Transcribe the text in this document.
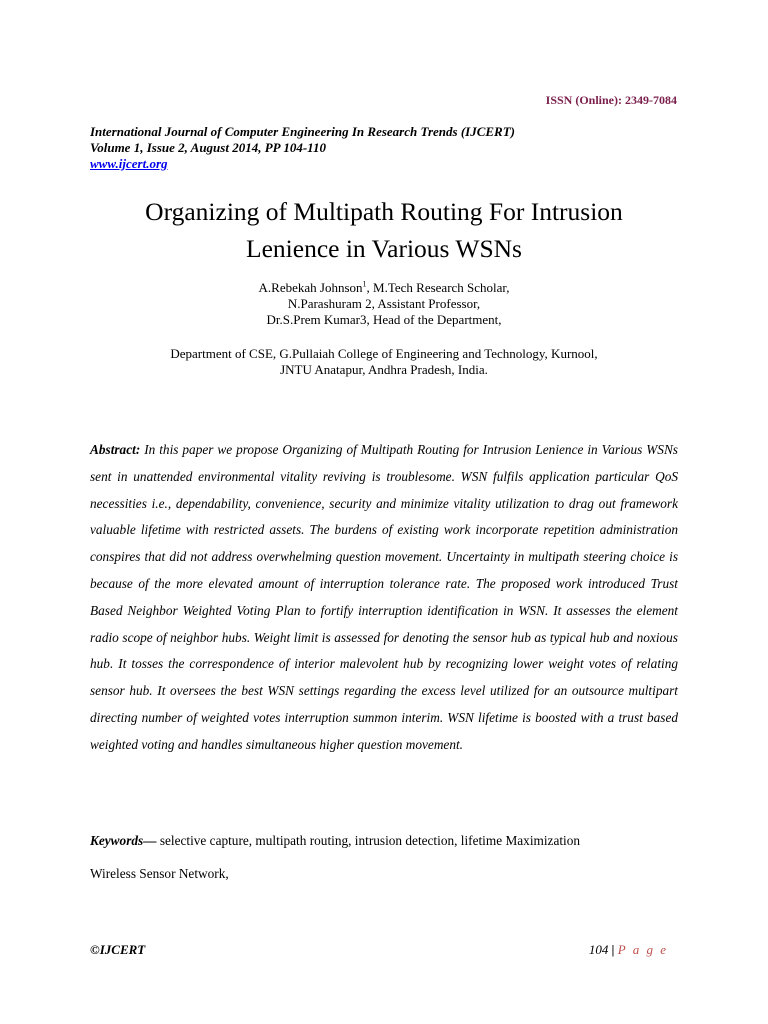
ISSN (Online): 2349-7084
International Journal of Computer Engineering In Research Trends (IJCERT)
Volume 1, Issue 2, August 2014, PP 104-110
www.ijcert.org
Organizing of Multipath Routing For Intrusion
Lenience in Various WSNs
A.Rebekah Johnson$^1$, M.Tech Research Scholar,
N.Parashuram 2, Assistant Professor,
Dr.S.Prem Kumar3, Head of the Department,
Department of CSE, G.Pullaiah College of Engineering and Technology, Kurnool,
JNTU Anatapur, Andhra Pradesh, India.
Abstract: In this paper we propose Organizing of Multipath Routing for Intrusion Lenience in Various WSNs sent in unattended environmental vitality reviving is troublesome. WSN fulfils application particular QoS necessities i.e., dependability, convenience, security and minimize vitality utilization to drag out framework valuable lifetime with restricted assets. The burdens of existing work incorporate repetition administration conspires that did not address overwhelming question movement. Uncertainty in multipath steering choice is because of the more elevated amount of interruption tolerance rate. The proposed work introduced Trust Based Neighbor Weighted Voting Plan to fortify interruption identification in WSN. It assesses the element radio scope of neighbor hubs. Weight limit is assessed for denoting the sensor hub as typical hub and noxious hub. It tosses the correspondence of interior malevolent hub by recognizing lower weight votes of relating sensor hub. It oversees the best WSN settings regarding the excess level utilized for an outsource multipart directing number of weighted votes interruption summon interim. WSN lifetime is boosted with a trust based weighted voting and handles simultaneous higher question movement.
Keywords— selective capture, multipath routing, intrusion detection, lifetime Maximization
Wireless Sensor Network,
©IJCERT	104 | P a g e
